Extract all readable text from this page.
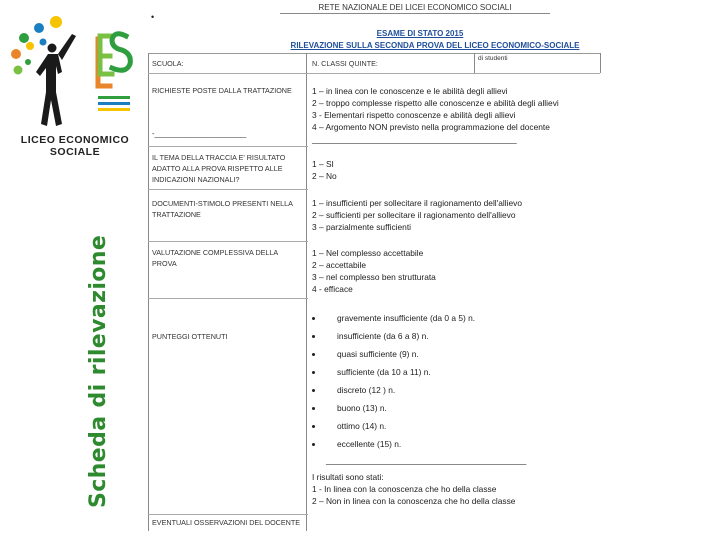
LICEO ECONOMICO SOCIALE
Scheda di rilevazione
RETE NAZIONALE DEI LICEI ECONOMICO SOCIALI
•
ESAME DI STATO 2015
RILEVAZIONE SULLA SECONDA PROVA DEL LICEO ECONOMICO-SOCIALE
SCUOLA:	N. CLASSI QUINTE:
di studenti
RICHIESTE POSTE DALLA TRATTAZIONE 1 – in linea con le conoscenze e le abilità degli allievi
2 – troppo complesse rispetto alle conoscenze e abilità degli allievi
3 - Elementari rispetto conoscenze e abilità degli allievi
4 – Argomento NON previsto nella programmazione del docente
-______________________
______________________________________________
IL TEMA DELLA TRACCIA E' RISULTATO
ADATTO ALLA PROVA RISPETTO ALLE
INDICAZIONI NAZIONALI?
1 – SI
2 – No
DOCUMENTI-STIMOLO PRESENTI NELLA
TRATTAZIONE
1 – insufficienti per sollecitare il ragionamento dell'allievo
2 – sufficienti per sollecitare il ragionamento dell'allievo
3 – parzialmente sufficienti
VALUTAZIONE COMPLESSIVA DELLA
PROVA
1 – Nel complesso accettabile
2 – accettabile
3 – nel complesso ben strutturata
4 - efficace
PUNTEGGI OTTENUTI
gravemente insufficiente (da 0 a 5) n.
insufficiente (da 6 a 8) n.
quasi sufficiente (9) n.
sufficiente (da 10 a 11) n.
discreto (12 ) n.
buono (13) n.
ottimo (14) n.
eccellente (15) n.
___________________________________________
I risultati sono stati:
1 - In linea con la conoscenza che ho della classe
2 – Non in linea con la conoscenza che ho della classe
EVENTUALI OSSERVAZIONI DEL DOCENTE
